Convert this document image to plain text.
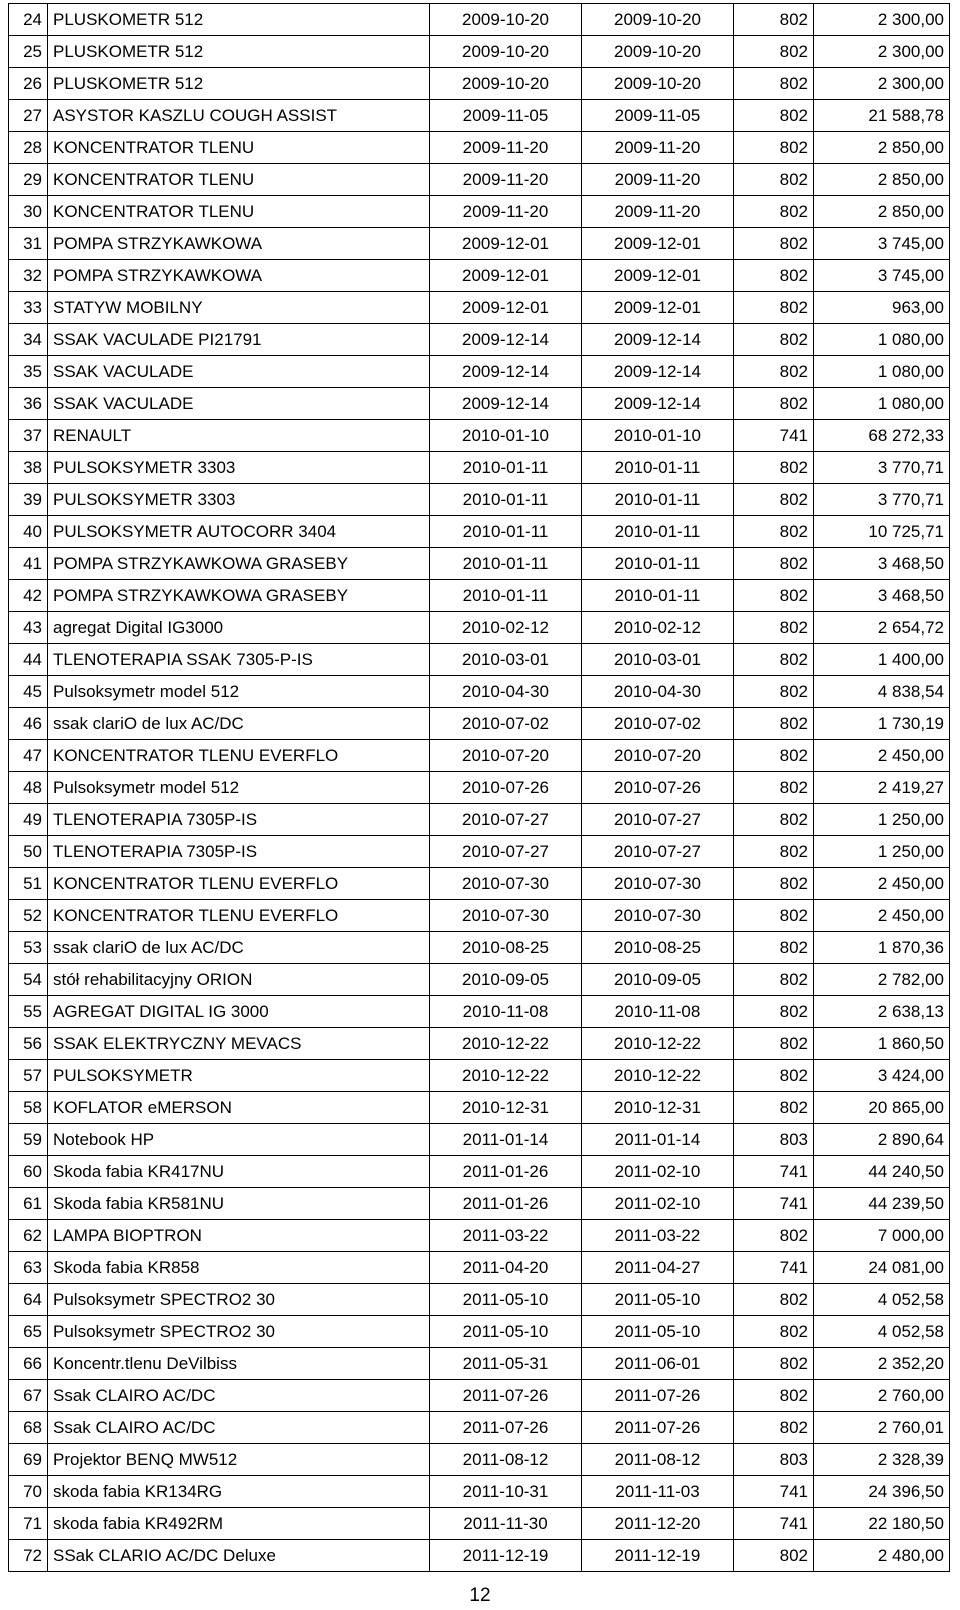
24	PLUSKOMETR 512	2009-10-20	2009-10-20	802	2 300,00
25	PLUSKOMETR 512	2009-10-20	2009-10-20	802	2 300,00
26	PLUSKOMETR 512	2009-10-20	2009-10-20	802	2 300,00
27	ASYSTOR KASZLU COUGH ASSIST	2009-11-05	2009-11-05	802	21 588,78
28	KONCENTRATOR TLENU	2009-11-20	2009-11-20	802	2 850,00
29	KONCENTRATOR TLENU	2009-11-20	2009-11-20	802	2 850,00
30	KONCENTRATOR TLENU	2009-11-20	2009-11-20	802	2 850,00
31	POMPA STRZYKAWKOWA	2009-12-01	2009-12-01	802	3 745,00
32	POMPA STRZYKAWKOWA	2009-12-01	2009-12-01	802	3 745,00
33	STATYW MOBILNY	2009-12-01	2009-12-01	802	963,00
34	SSAK VACULADE PI21791	2009-12-14	2009-12-14	802	1 080,00
35	SSAK VACULADE	2009-12-14	2009-12-14	802	1 080,00
36	SSAK VACULADE	2009-12-14	2009-12-14	802	1 080,00
37	RENAULT	2010-01-10	2010-01-10	741	68 272,33
38	PULSOKSYMETR 3303	2010-01-11	2010-01-11	802	3 770,71
39	PULSOKSYMETR 3303	2010-01-11	2010-01-11	802	3 770,71
40	PULSOKSYMETR AUTOCORR 3404	2010-01-11	2010-01-11	802	10 725,71
41	POMPA STRZYKAWKOWA GRASEBY	2010-01-11	2010-01-11	802	3 468,50
42	POMPA STRZYKAWKOWA GRASEBY	2010-01-11	2010-01-11	802	3 468,50
43	agregat Digital IG3000	2010-02-12	2010-02-12	802	2 654,72
44	TLENOTERAPIA SSAK 7305-P-IS	2010-03-01	2010-03-01	802	1 400,00
45	Pulsoksymetr model 512	2010-04-30	2010-04-30	802	4 838,54
46	ssak clariO de lux AC/DC	2010-07-02	2010-07-02	802	1 730,19
47	KONCENTRATOR TLENU EVERFLO	2010-07-20	2010-07-20	802	2 450,00
48	Pulsoksymetr model 512	2010-07-26	2010-07-26	802	2 419,27
49	TLENOTERAPIA 7305P-IS	2010-07-27	2010-07-27	802	1 250,00
50	TLENOTERAPIA 7305P-IS	2010-07-27	2010-07-27	802	1 250,00
51	KONCENTRATOR TLENU EVERFLO	2010-07-30	2010-07-30	802	2 450,00
52	KONCENTRATOR TLENU EVERFLO	2010-07-30	2010-07-30	802	2 450,00
53	ssak clariO de lux AC/DC	2010-08-25	2010-08-25	802	1 870,36
54	stół rehabilitacyjny ORION	2010-09-05	2010-09-05	802	2 782,00
55	AGREGAT DIGITAL IG 3000	2010-11-08	2010-11-08	802	2 638,13
56	SSAK ELEKTRYCZNY MEVACS	2010-12-22	2010-12-22	802	1 860,50
57	PULSOKSYMETR	2010-12-22	2010-12-22	802	3 424,00
58	KOFLATOR eMERSON	2010-12-31	2010-12-31	802	20 865,00
59	Notebook HP	2011-01-14	2011-01-14	803	2 890,64
60	Skoda fabia KR417NU	2011-01-26	2011-02-10	741	44 240,50
61	Skoda fabia KR581NU	2011-01-26	2011-02-10	741	44 239,50
62	LAMPA BIOPTRON	2011-03-22	2011-03-22	802	7 000,00
63	Skoda fabia KR858	2011-04-20	2011-04-27	741	24 081,00
64	Pulsoksymetr SPECTRO2 30	2011-05-10	2011-05-10	802	4 052,58
65	Pulsoksymetr SPECTRO2 30	2011-05-10	2011-05-10	802	4 052,58
66	Koncentr.tlenu DeVilbiss	2011-05-31	2011-06-01	802	2 352,20
67	Ssak CLAIRO AC/DC	2011-07-26	2011-07-26	802	2 760,00
68	Ssak CLAIRO AC/DC	2011-07-26	2011-07-26	802	2 760,01
69	Projektor BENQ MW512	2011-08-12	2011-08-12	803	2 328,39
70	skoda fabia KR134RG	2011-10-31	2011-11-03	741	24 396,50
71	skoda fabia KR492RM	2011-11-30	2011-12-20	741	22 180,50
72	SSak CLARIO AC/DC Deluxe	2011-12-19	2011-12-19	802	2 480,00
12
